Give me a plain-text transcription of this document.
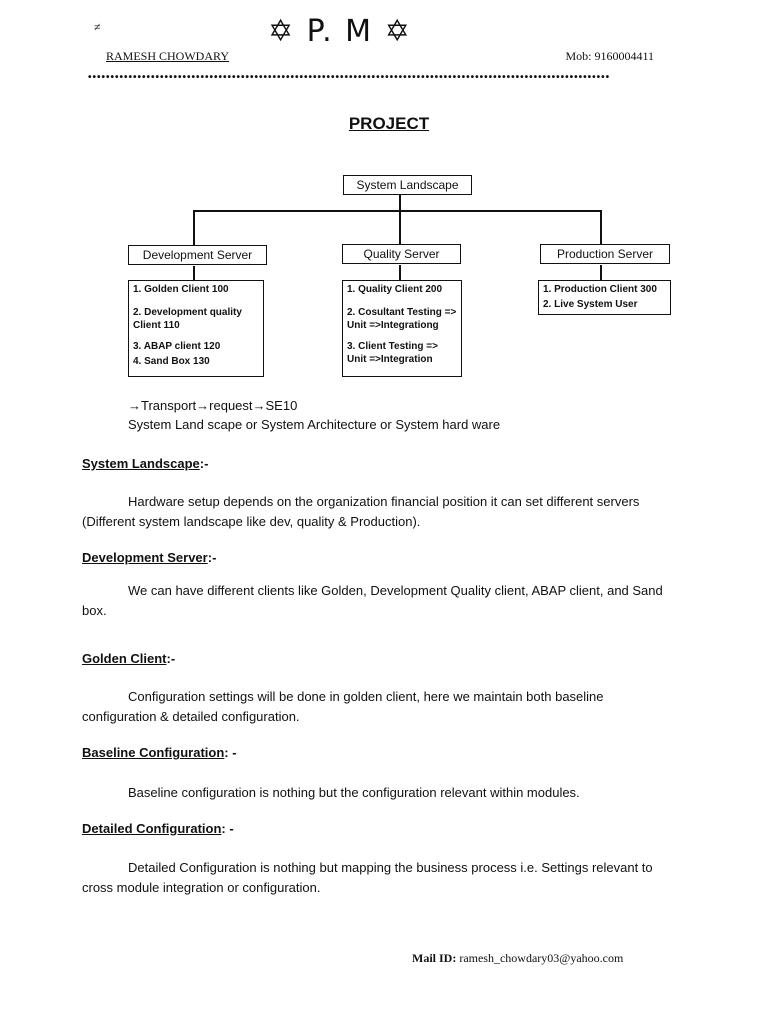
≠	✡ P. M ✡
RAMESH CHOWDARY	Mob: 9160004411
••••••••••••••••••••••••••••••••••••••••••••••••••••••••••••••••••••••••••••••••••••••••••••••••••••••••••••••••••••
PROJECT
System Landscape
Development Server	Quality Server	Production Server
1. Golden Client 100
2. Development quality Client 110
3. ABAP client 120
4. Sand Box 130
1. Quality Client 200
2. Cosultant Testing => Unit =>Integrationg
3. Client Testing => Unit =>Integration
1. Production Client 300
2. Live System User
→Transport→request→SE10
System Land scape or System Architecture or System hard ware
System Landscape:-
Hardware setup depends on the organization financial position it can set different servers (Different system landscape like dev, quality & Production).
Development Server:-
We can have different clients like Golden, Development Quality client, ABAP client, and Sand box.
Golden Client:-
Configuration settings will be done in golden client, here we maintain both baseline configuration & detailed configuration.
Baseline Configuration: -
Baseline configuration is nothing but the configuration relevant within modules.
Detailed Configuration: -
Detailed Configuration is nothing but mapping the business process i.e. Settings relevant to cross module integration or configuration.
Mail ID: ramesh_chowdary03@yahoo.com
